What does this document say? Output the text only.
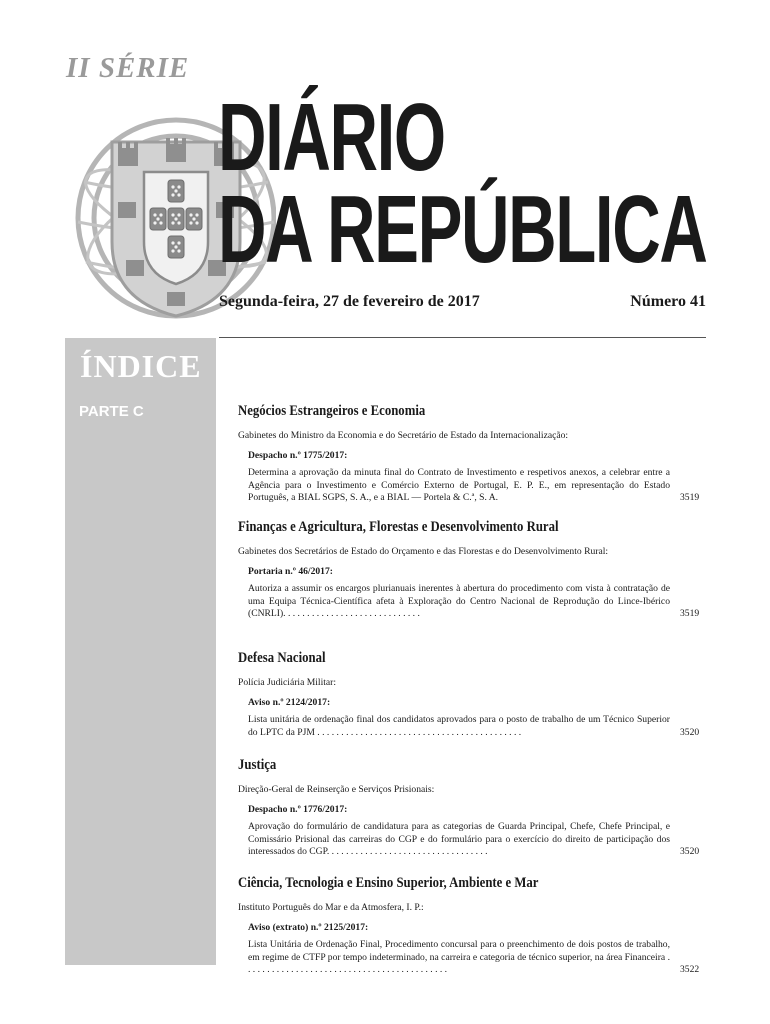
II SÉRIE
DIÁRIO
DA REPÚBLICA
Segunda-feira, 27 de fevereiro de 2017	Número 41
ÍNDICE
PARTE C	Negócios Estrangeiros e Economia
Gabinetes do Ministro da Economia e do Secretário de Estado da Internacionalização:
Despacho n.º 1775/2017:
Determina a aprovação da minuta final do Contrato de Investimento e respetivos anexos, a celebrar entre a Agência para o Investimento e Comércio Externo de Portugal, E. P. E., em representação do Estado Português, a BIAL SGPS, S. A., e a BIAL — Portela & C.ª, S. A.	3519
Finanças e Agricultura, Florestas e Desenvolvimento Rural
Gabinetes dos Secretários de Estado do Orçamento e das Florestas e do Desenvolvimento Rural:
Portaria n.º 46/2017:
Autoriza a assumir os encargos plurianuais inerentes à abertura do procedimento com vista à contratação de uma Equipa Técnica-Científica afeta à Exploração do Centro Nacional de Reprodução do Lince-Ibérico (CNRLI). . . . . . . . . . . . . . . . . . . . . . . . . . . . .	3519
Defesa Nacional
Polícia Judiciária Militar:
Aviso n.º 2124/2017:
Lista unitária de ordenação final dos candidatos aprovados para o posto de trabalho de um Técnico Superior do LPTC da PJM . . . . . . . . . . . . . . . . . . . . . . . . . . . . . . . . . . . . . . . . . . .	3520
Justiça
Direção-Geral de Reinserção e Serviços Prisionais:
Despacho n.º 1776/2017:
Aprovação do formulário de candidatura para as categorias de Guarda Principal, Chefe, Chefe Principal, e Comissário Prisional das carreiras do CGP e do formulário para o exercício do direito de participação dos interessados do CGP. . . . . . . . . . . . . . . . . . . . . . . . . . . . . . . . . .	3520
Ciência, Tecnologia e Ensino Superior, Ambiente e Mar
Instituto Português do Mar e da Atmosfera, I. P.:
Aviso (extrato) n.º 2125/2017:
Lista Unitária de Ordenação Final, Procedimento concursal para o preenchimento de dois postos de trabalho, em regime de CTFP por tempo indeterminado, na carreira e categoria de técnico superior, na área Financeira . . . . . . . . . . . . . . . . . . . . . . . . . . . . . . . . . . . . . . . . . . .	3522
